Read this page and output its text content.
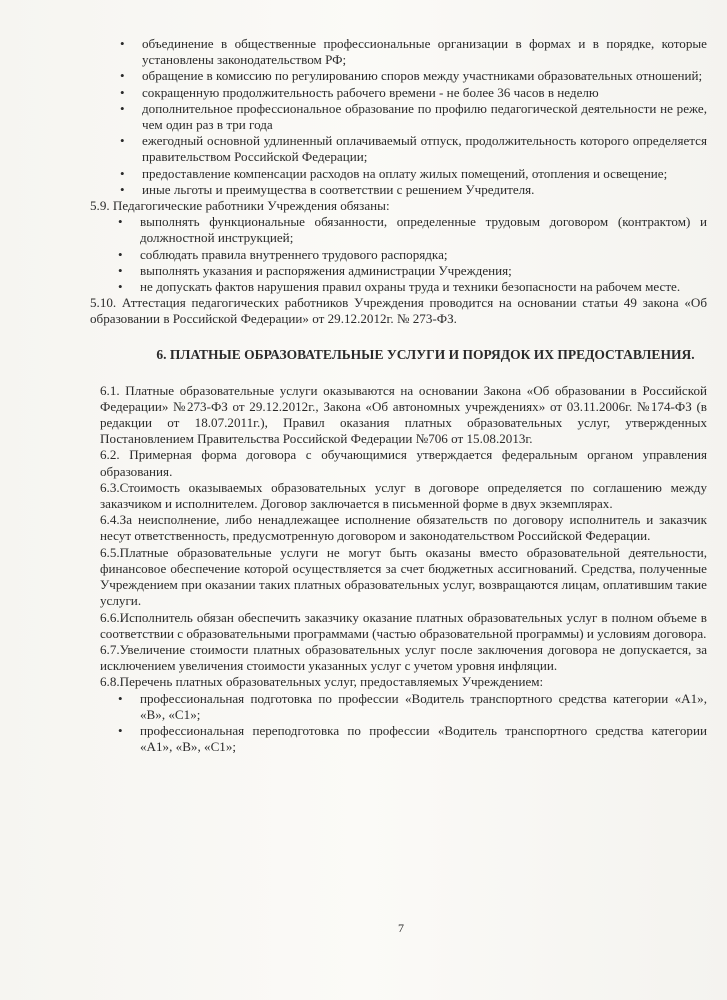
• объединение в общественные профессиональные организации в формах и в порядке, которые установлены законодательством РФ;
• обращение в комиссию по регулированию споров между участниками образовательных отношений;
• сокращенную продолжительность рабочего времени - не более 36 часов в неделю
• дополнительное профессиональное образование по профилю педагогической деятельности не реже, чем один раз в три года
• ежегодный основной удлиненный оплачиваемый отпуск, продолжительность которого определяется правительством Российской Федерации;
• предоставление компенсации расходов на оплату жилых помещений, отопления и освещение;
• иные льготы и преимущества в соответствии с решением Учредителя.

5.9. Педагогические работники Учреждения обязаны:

• выполнять функциональные обязанности, определенные трудовым договором (контрактом) и должностной инструкцией;
• соблюдать правила внутреннего трудового распорядка;
• выполнять указания и распоряжения администрации Учреждения;
• не допускать фактов нарушения правил охраны труда и техники безопасности на рабочем месте.

5.10. Аттестация педагогических работников Учреждения проводится на основании статьи 49 закона «Об образовании в Российской Федерации» от 29.12.2012г. № 273-ФЗ.

6. ПЛАТНЫЕ ОБРАЗОВАТЕЛЬНЫЕ УСЛУГИ И ПОРЯДОК ИХ ПРЕДОСТАВЛЕНИЯ.

6.1. Платные образовательные услуги оказываются на основании Закона «Об образовании в Российской Федерации» №273-ФЗ от 29.12.2012г., Закона «Об автономных учреждениях» от 03.11.2006г. №174-ФЗ (в редакции от 18.07.2011г.), Правил оказания платных образовательных услуг, утвержденных Постановлением Правительства Российской Федерации №706 от 15.08.2013г.

6.2. Примерная форма договора с обучающимися утверждается федеральным органом управления образования.

6.3.Стоимость оказываемых образовательных услуг в договоре определяется по соглашению между заказчиком и исполнителем. Договор заключается в письменной форме в двух экземплярах.

6.4.За неисполнение, либо ненадлежащее исполнение обязательств по договору исполнитель и заказчик несут ответственность, предусмотренную договором и законодательством Российской Федерации.

6.5.Платные образовательные услуги не могут быть оказаны вместо образовательной деятельности, финансовое обеспечение которой осуществляется за счет бюджетных ассигнований. Средства, полученные Учреждением при оказании таких платных образовательных услуг, возвращаются лицам, оплатившим такие услуги.

6.6.Исполнитель обязан обеспечить заказчику оказание платных образовательных услуг в полном объеме в соответствии с образовательными программами (частью образовательной программы) и условиям договора.

6.7.Увеличение стоимости платных образовательных услуг после заключения договора не допускается, за исключением увеличения стоимости указанных услуг с учетом уровня инфляции.

6.8.Перечень платных образовательных услуг, предоставляемых Учреждением:

• профессиональная подготовка по профессии «Водитель транспортного средства категории «А1», «В», «С1»;
• профессиональная переподготовка по профессии «Водитель транспортного средства категории «А1», «В», «С1»;
7
